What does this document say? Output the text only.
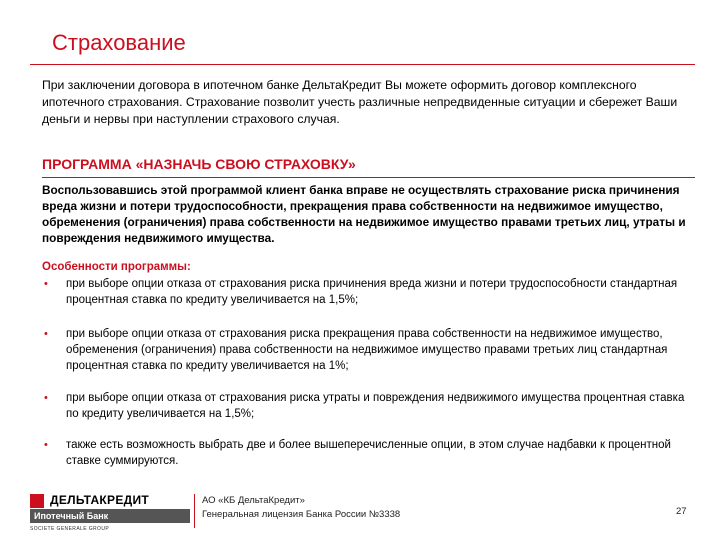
Страхование
При заключении договора в ипотечном банке ДельтаКредит Вы можете оформить договор комплексного ипотечного страхования. Страхование позволит учесть различные непредвиденные ситуации и сбережет Ваши деньги и нервы при наступлении страхового случая.
ПРОГРАММА «НАЗНАЧЬ СВОЮ СТРАХОВКУ»
Воспользовавшись этой программой клиент банка вправе не осуществлять страхование риска причинения вреда жизни и потери трудоспособности, прекращения права собственности на недвижимое имущество, обременения (ограничения) права собственности на недвижимое имущество правами третьих лиц, утраты и повреждения недвижимого имущества.
Особенности программы:
• при выборе опции отказа от страхования риска причинения вреда жизни и потери трудоспособности стандартная процентная ставка по кредиту увеличивается на 1,5%;
• при выборе опции отказа от страхования риска прекращения права собственности на недвижимое имущество, обременения (ограничения) права собственности на недвижимое имущество правами третьих лиц стандартная процентная ставка по кредиту увеличивается на 1%;
• при выборе опции отказа от страхования риска утраты и повреждения недвижимого имущества процентная ставка по кредиту увеличивается на 1,5%;
• также есть возможность выбрать две и более вышеперечисленные опции, в этом случае надбавки к процентной ставке суммируются.
ДЕЛЬТАКРЕДИТ
Ипотечный Банк
SOCIETE GENERALE GROUP
АО «КБ ДельтаКредит»
Генеральная лицензия Банка России №3338	27
